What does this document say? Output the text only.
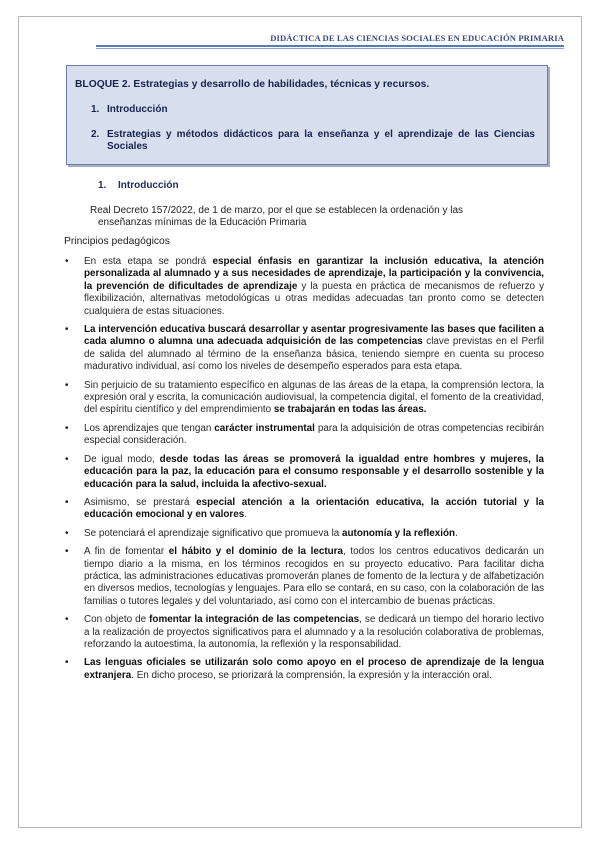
DIDÁCTICA DE LAS CIENCIAS SOCIALES EN EDUCACIÓN PRIMARIA
BLOQUE 2. Estrategias y desarrollo de habilidades, técnicas y recursos.
1. Introducción
2. Estrategias y métodos didácticos para la enseñanza y el aprendizaje de las Ciencias Sociales
1. Introducción
Real Decreto 157/2022, de 1 de marzo, por el que se establecen la ordenación y las
enseñanzas mínimas de la Educación Primaria
Principios pedagógicos
• En esta etapa se pondrá especial énfasis en garantizar la inclusión educativa, la atención personalizada al alumnado y a sus necesidades de aprendizaje, la participación y la convivencia, la prevención de dificultades de aprendizaje y la puesta en práctica de mecanismos de refuerzo y flexibilización, alternativas metodológicas u otras medidas adecuadas tan pronto como se detecten cualquiera de estas situaciones.
• La intervención educativa buscará desarrollar y asentar progresivamente las bases que faciliten a cada alumno o alumna una adecuada adquisición de las competencias clave previstas en el Perfil de salida del alumnado al término de la enseñanza básica, teniendo siempre en cuenta su proceso madurativo individual, así como los niveles de desempeño esperados para esta etapa.
• Sin perjuicio de su tratamiento específico en algunas de las áreas de la etapa, la comprensión lectora, la expresión oral y escrita, la comunicación audiovisual, la competencia digital, el fomento de la creatividad, del espíritu científico y del emprendimiento se trabajarán en todas las áreas.
• Los aprendizajes que tengan carácter instrumental para la adquisición de otras competencias recibirán especial consideración.
• De igual modo, desde todas las áreas se promoverá la igualdad entre hombres y mujeres, la educación para la paz, la educación para el consumo responsable y el desarrollo sostenible y la educación para la salud, incluida la afectivo-sexual.
• Asimismo, se prestará especial atención a la orientación educativa, la acción tutorial y la educación emocional y en valores.
• Se potenciará el aprendizaje significativo que promueva la autonomía y la reflexión.
• A fin de fomentar el hábito y el dominio de la lectura, todos los centros educativos dedicarán un tiempo diario a la misma, en los términos recogidos en su proyecto educativo. Para facilitar dicha práctica, las administraciones educativas promoverán planes de fomento de la lectura y de alfabetización en diversos medios, tecnologías y lenguajes. Para ello se contará, en su caso, con la colaboración de las familias o tutores legales y del voluntariado, así como con el intercambio de buenas prácticas.
• Con objeto de fomentar la integración de las competencias, se dedicará un tiempo del horario lectivo a la realización de proyectos significativos para el alumnado y a la resolución colaborativa de problemas, reforzando la autoestima, la autonomía, la reflexión y la responsabilidad.
• Las lenguas oficiales se utilizarán solo como apoyo en el proceso de aprendizaje de la lengua extranjera. En dicho proceso, se priorizará la comprensión, la expresión y la interacción oral.
